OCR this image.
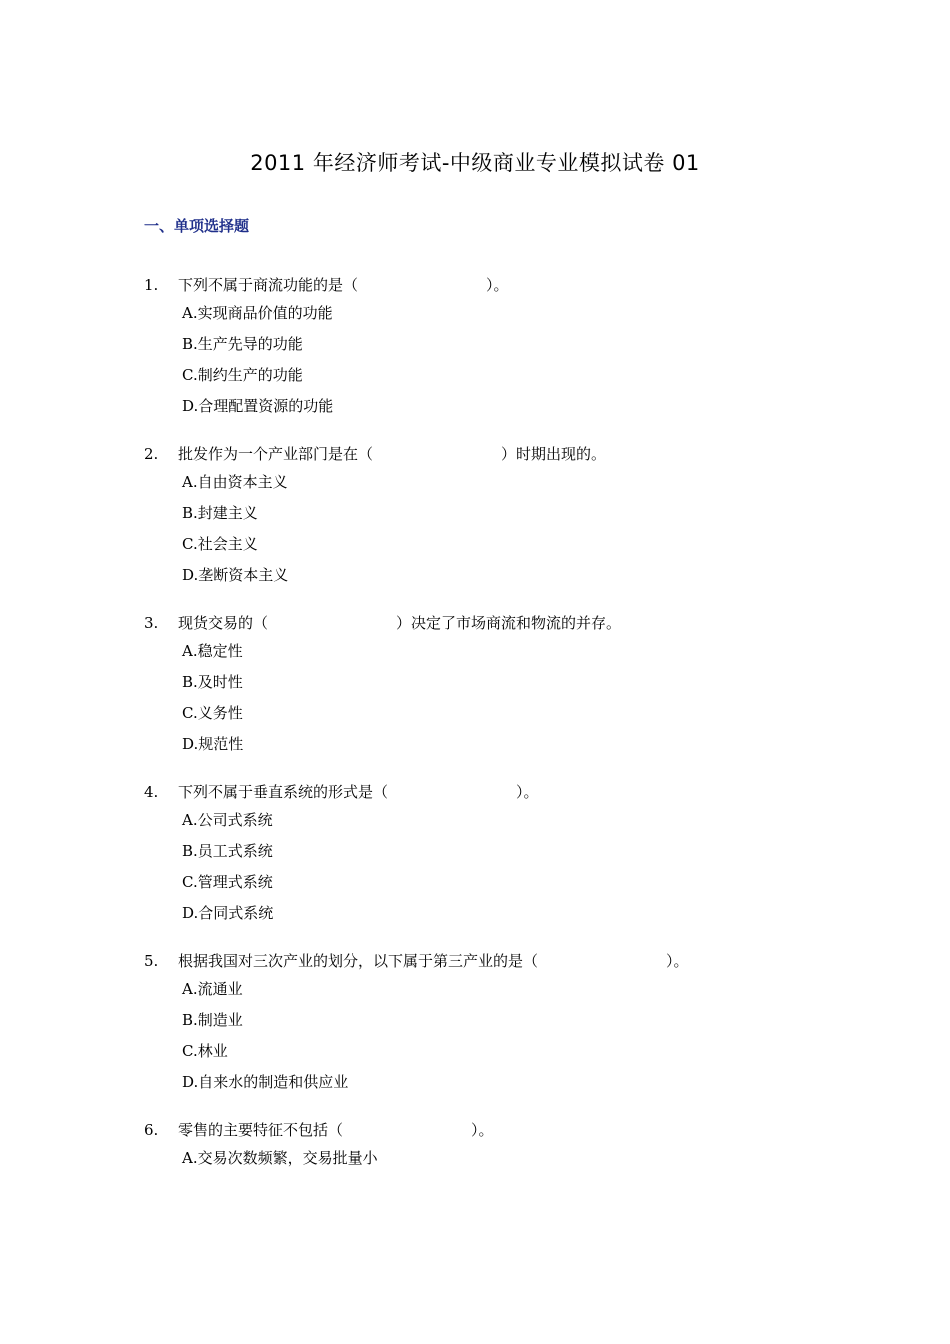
2011 年经济师考试-中级商业专业模拟试卷 01
一、单项选择题
1. 下列不属于商流功能的是（	）。
A.实现商品价值的功能
B.生产先导的功能
C.制约生产的功能
D.合理配置资源的功能
2. 批发作为一个产业部门是在（	）时期出现的。
A.自由资本主义
B.封建主义
C.社会主义
D.垄断资本主义
3. 现货交易的（	）决定了市场商流和物流的并存。
A.稳定性
B.及时性
C.义务性
D.规范性
4. 下列不属于垂直系统的形式是（	）。
A.公司式系统
B.员工式系统
C.管理式系统
D.合同式系统
5. 根据我国对三次产业的划分，以下属于第三产业的是（	）。
A.流通业
B.制造业
C.林业
D.自来水的制造和供应业
6. 零售的主要特征不包括（	）。
A.交易次数频繁，交易批量小
